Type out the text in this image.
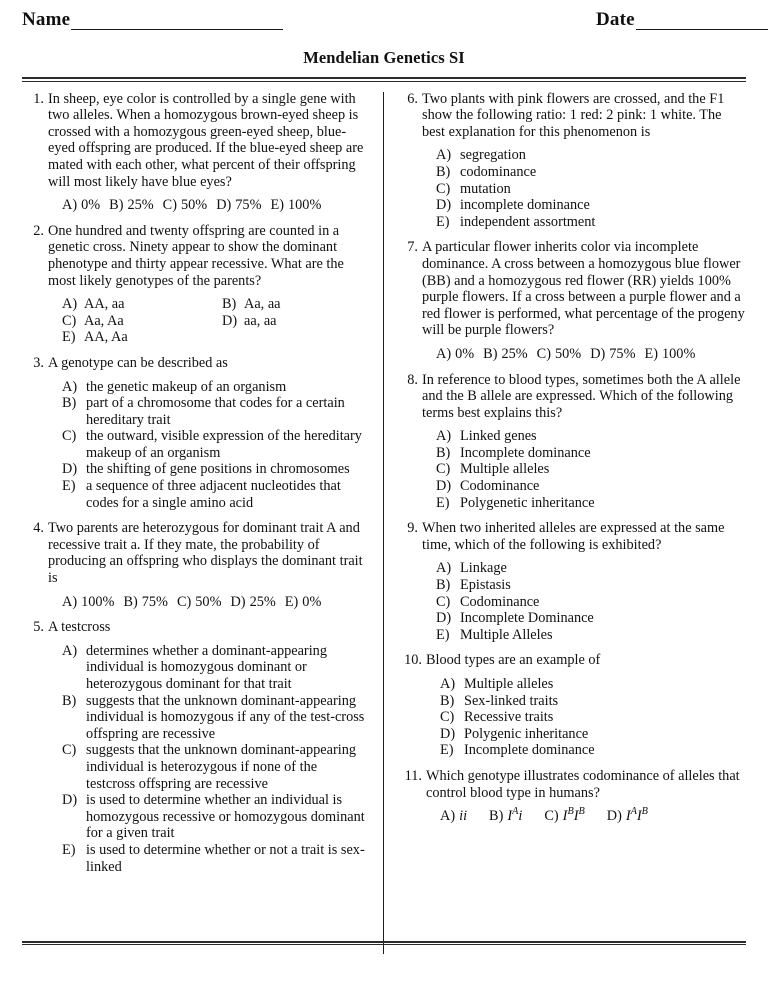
Name	Date
Mendelian Genetics SI
1. In sheep, eye color is controlled by a single gene with two alleles. When a homozygous brown-eyed sheep is crossed with a homozygous green-eyed sheep, blue-eyed offspring are produced. If the blue-eyed sheep are mated with each other, what percent of their offspring will most likely have blue eyes?
A) 0% B) 25% C) 50% D) 75% E) 100%
2. One hundred and twenty offspring are counted in a genetic cross. Ninety appear to show the dominant phenotype and thirty appear recessive. What are the most likely genotypes of the parents?
A) AA, aa	B) Aa, aa
C) Aa, Aa	D) aa, aa
E) AA, Aa
3. A genotype can be described as
A) the genetic makeup of an organism
B) part of a chromosome that codes for a certain hereditary trait
C) the outward, visible expression of the hereditary makeup of an organism
D) the shifting of gene positions in chromosomes
E) a sequence of three adjacent nucleotides that codes for a single amino acid
4. Two parents are heterozygous for dominant trait A and recessive trait a. If they mate, the probability of producing an offspring who displays the dominant trait is
A) 100% B) 75% C) 50% D) 25% E) 0%
5. A testcross
A) determines whether a dominant-appearing individual is homozygous dominant or heterozygous dominant for that trait
B) suggests that the unknown dominant-appearing individual is homozygous if any of the test-cross offspring are recessive
C) suggests that the unknown dominant-appearing individual is heterozygous if none of the testcross offspring are recessive
D) is used to determine whether an individual is homozygous recessive or homozygous dominant for a given trait
E) is used to determine whether or not a trait is sex-linked
6. Two plants with pink flowers are crossed, and the F1 show the following ratio: 1 red: 2 pink: 1 white. The best explanation for this phenomenon is
A) segregation
B) codominance
C) mutation
D) incomplete dominance
E) independent assortment
7. A particular flower inherits color via incomplete dominance. A cross between a homozygous blue flower (BB) and a homozygous red flower (RR) yields 100% purple flowers. If a cross between a purple flower and a red flower is performed, what percentage of the progeny will be purple flowers?
A) 0% B) 25% C) 50% D) 75% E) 100%
8. In reference to blood types, sometimes both the A allele and the B allele are expressed. Which of the following terms best explains this?
A) Linked genes
B) Incomplete dominance
C) Multiple alleles
D) Codominance
E) Polygenetic inheritance
9. When two inherited alleles are expressed at the same time, which of the following is exhibited?
A) Linkage
B) Epistasis
C) Codominance
D) Incomplete Dominance
E) Multiple Alleles
10. Blood types are an example of
A) Multiple alleles
B) Sex-linked traits
C) Recessive traits
D) Polygenic inheritance
E) Incomplete dominance
11. Which genotype illustrates codominance of alleles that control blood type in humans?
A) ii B) $I^Ai$ C) $I^BI^B$ D) $I^AI^B$
